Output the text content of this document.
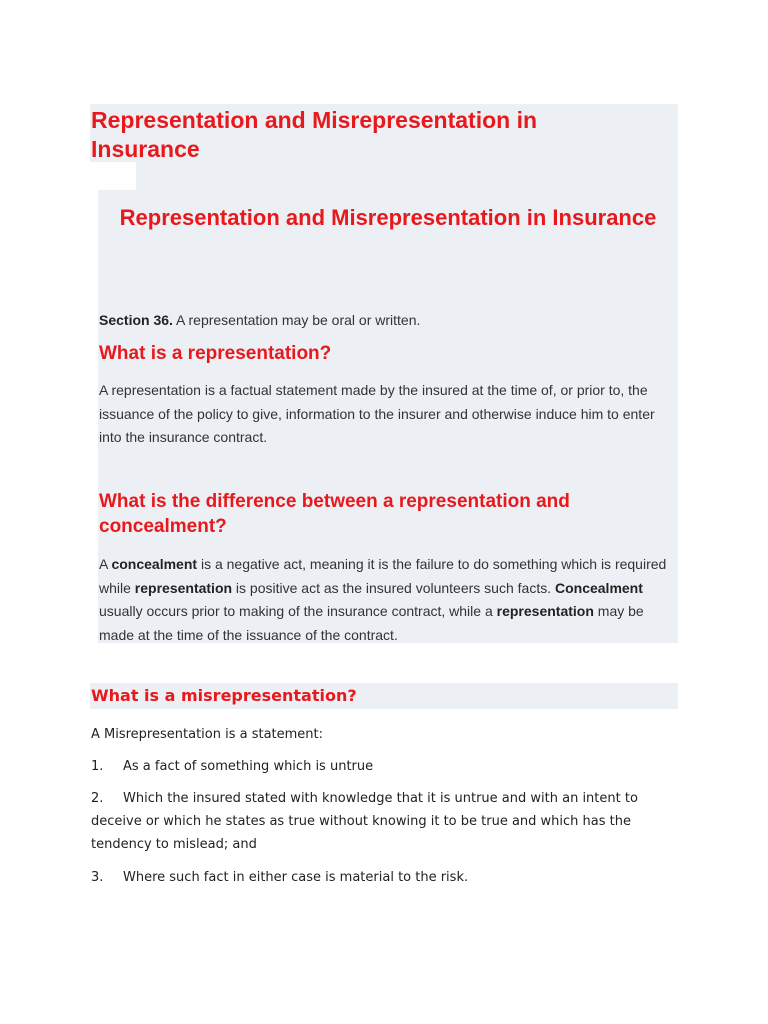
Representation and Misrepresentation in Insurance
Representation and Misrepresentation in Insurance

Section 36. A representation may be oral or written.

What is a representation?

A representation is a factual statement made by the insured at the time of, or prior to, the issuance of the policy to give, information to the insurer and otherwise induce him to enter into the insurance contract.

What is the difference between a representation and concealment?

A concealment is a negative act, meaning it is the failure to do something which is required while representation is positive act as the insured volunteers such facts. Concealment usually occurs prior to making of the insurance contract, while a representation may be made at the time of the issuance of the contract.

What is a misrepresentation?

A Misrepresentation is a statement:

1. As a fact of something which is untrue

2. Which the insured stated with knowledge that it is untrue and with an intent to deceive or which he states as true without knowing it to be true and which has the tendency to mislead; and

3. Where such fact in either case is material to the risk.
